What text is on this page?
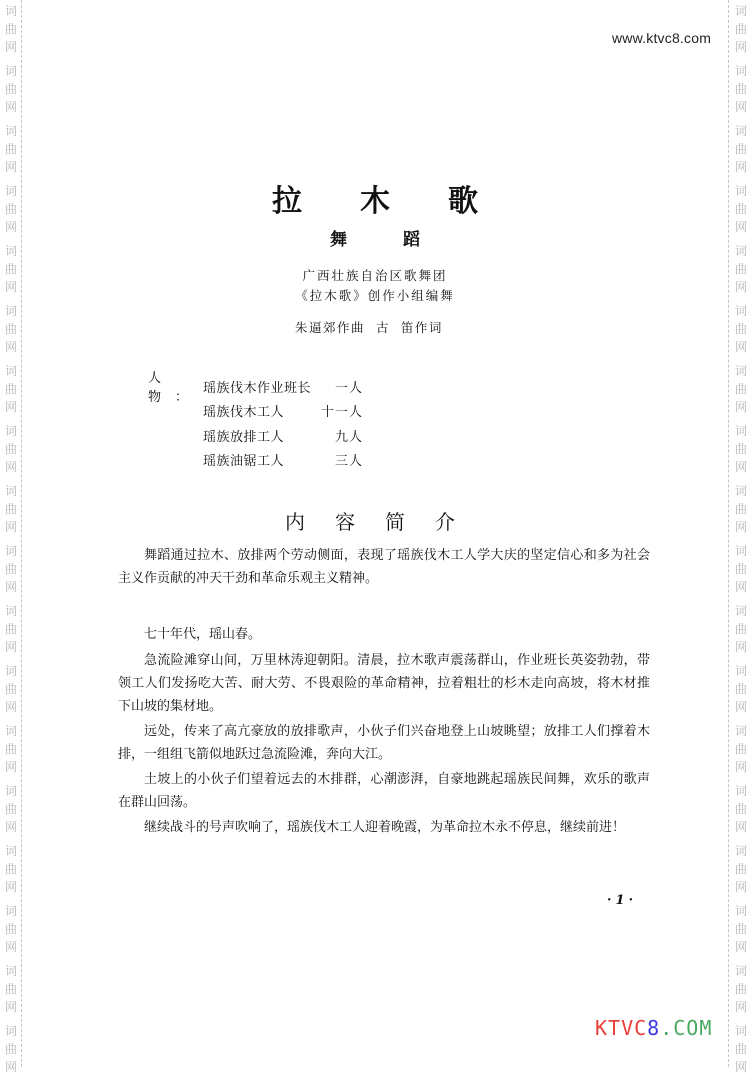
词
曲
网
词
曲
网
词
曲
网
词
曲
网
词
曲
网
词
曲
网
词
曲
网
词
曲
网
词
曲
网
词
曲
网
词
曲
网
词
曲
网
词
曲
网
词
曲
网
词
曲
网
词
曲
网
词
曲
网
词
曲
网
词
曲
网
词
曲
网
词
曲
网
词
曲
网
词
曲
网
词
曲
网
词
曲
网
词
曲
网
词
曲
网
词
曲
网
词
曲
网
词
曲
网
词
曲
网
词
曲
网
词
曲
网
词
曲
网
词
曲
网
词
曲
网
www.ktvc8.com
拉 木 歌
舞	蹈
广西壮族自治区歌舞团
《拉木歌》创作小组编舞
朱逼郊作曲  古  笛作词
人 物：
瑶族伐木作业班长	一人
瑶族伐木工人	十一人
瑶族放排工人	九人
瑶族油锯工人	三人
内 容 简 介

舞蹈通过拉木、放排两个劳动侧面，表现了瑶族伐木工人学大庆的坚定信心和多为社会主义作贡献的冲天干劲和革命乐观主义精神。

七十年代，瑶山春。

急流险滩穿山间，万里林涛迎朝阳。清晨，拉木歌声震荡群山，作业班长英姿勃勃，带领工人们发扬吃大苦、耐大劳、不畏艰险的革命精神，拉着粗壮的杉木走向高坡，将木材推下山坡的集材地。

远处，传来了高亢豪放的放排歌声，小伙子们兴奋地登上山坡眺望；放排工人们撑着木排，一组组飞箭似地跃过急流险滩，奔向大江。

土坡上的小伙子们望着远去的木排群，心潮澎湃，自豪地跳起瑶族民间舞，欢乐的歌声在群山回荡。

继续战斗的号声吹响了，瑶族伐木工人迎着晚霞，为革命拉木永不停息，继续前进！

·1·
KTVC8.COM
